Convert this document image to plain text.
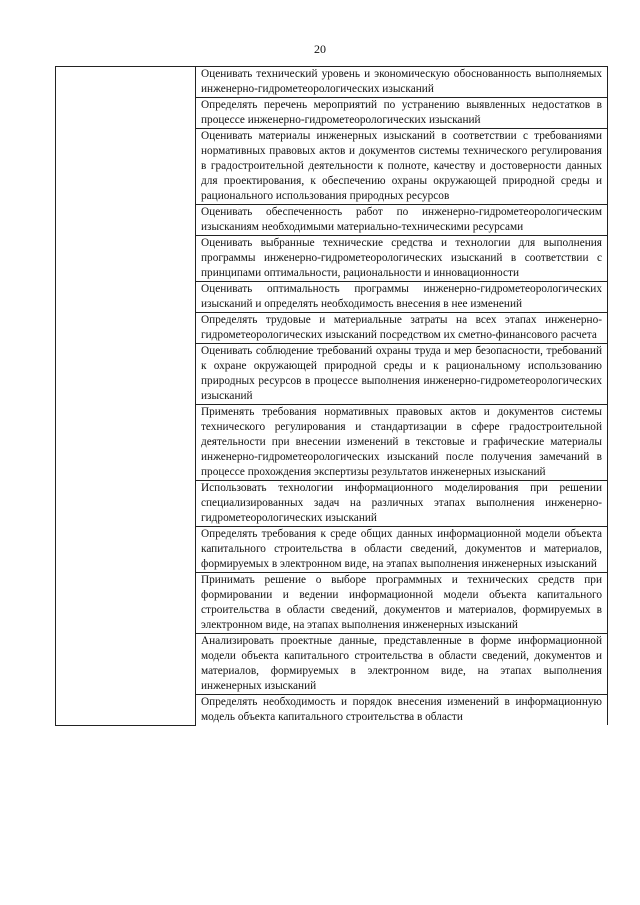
20

Оценивать технический уровень и экономическую обоснованность выполняемых инженерно-гидрометеорологических изысканий

Определять перечень мероприятий по устранению выявленных недостатков в процессе инженерно-гидрометеорологических изысканий

Оценивать материалы инженерных изысканий в соответствии с требованиями нормативных правовых актов и документов системы технического регулирования в градостроительной деятельности к полноте, качеству и достоверности данных для проектирования, к обеспечению охраны окружающей природной среды и рационального использования природных ресурсов

Оценивать обеспеченность работ по инженерно-гидрометеорологическим изысканиям необходимыми материально-техническими ресурсами

Оценивать выбранные технические средства и технологии для выполнения программы инженерно-гидрометеорологических изысканий в соответствии с принципами оптимальности, рациональности и инновационности

Оценивать оптимальность программы инженерно-гидрометеорологических изысканий и определять необходимость внесения в нее изменений

Определять трудовые и материальные затраты на всех этапах инженерно-гидрометеорологических изысканий посредством их сметно-финансового расчета

Оценивать соблюдение требований охраны труда и мер безопасности, требований к охране окружающей природной среды и к рациональному использованию природных ресурсов в процессе выполнения инженерно-гидрометеорологических изысканий

Применять требования нормативных правовых актов и документов системы технического регулирования и стандартизации в сфере градостроительной деятельности при внесении изменений в текстовые и графические материалы инженерно-гидрометеорологических изысканий после получения замечаний в процессе прохождения экспертизы результатов инженерных изысканий

Использовать технологии информационного моделирования при решении специализированных задач на различных этапах выполнения инженерно-гидрометеорологических изысканий

Определять требования к среде общих данных информационной модели объекта капитального строительства в области сведений, документов и материалов, формируемых в электронном виде, на этапах выполнения инженерных изысканий

Принимать решение о выборе программных и технических средств при формировании и ведении информационной модели объекта капитального строительства в области сведений, документов и материалов, формируемых в электронном виде, на этапах выполнения инженерных изысканий

Анализировать проектные данные, представленные в форме информационной модели объекта капитального строительства в области сведений, документов и материалов, формируемых в электронном виде, на этапах выполнения инженерных изысканий

Определять необходимость и порядок внесения изменений в информационную модель объекта капитального строительства в области
